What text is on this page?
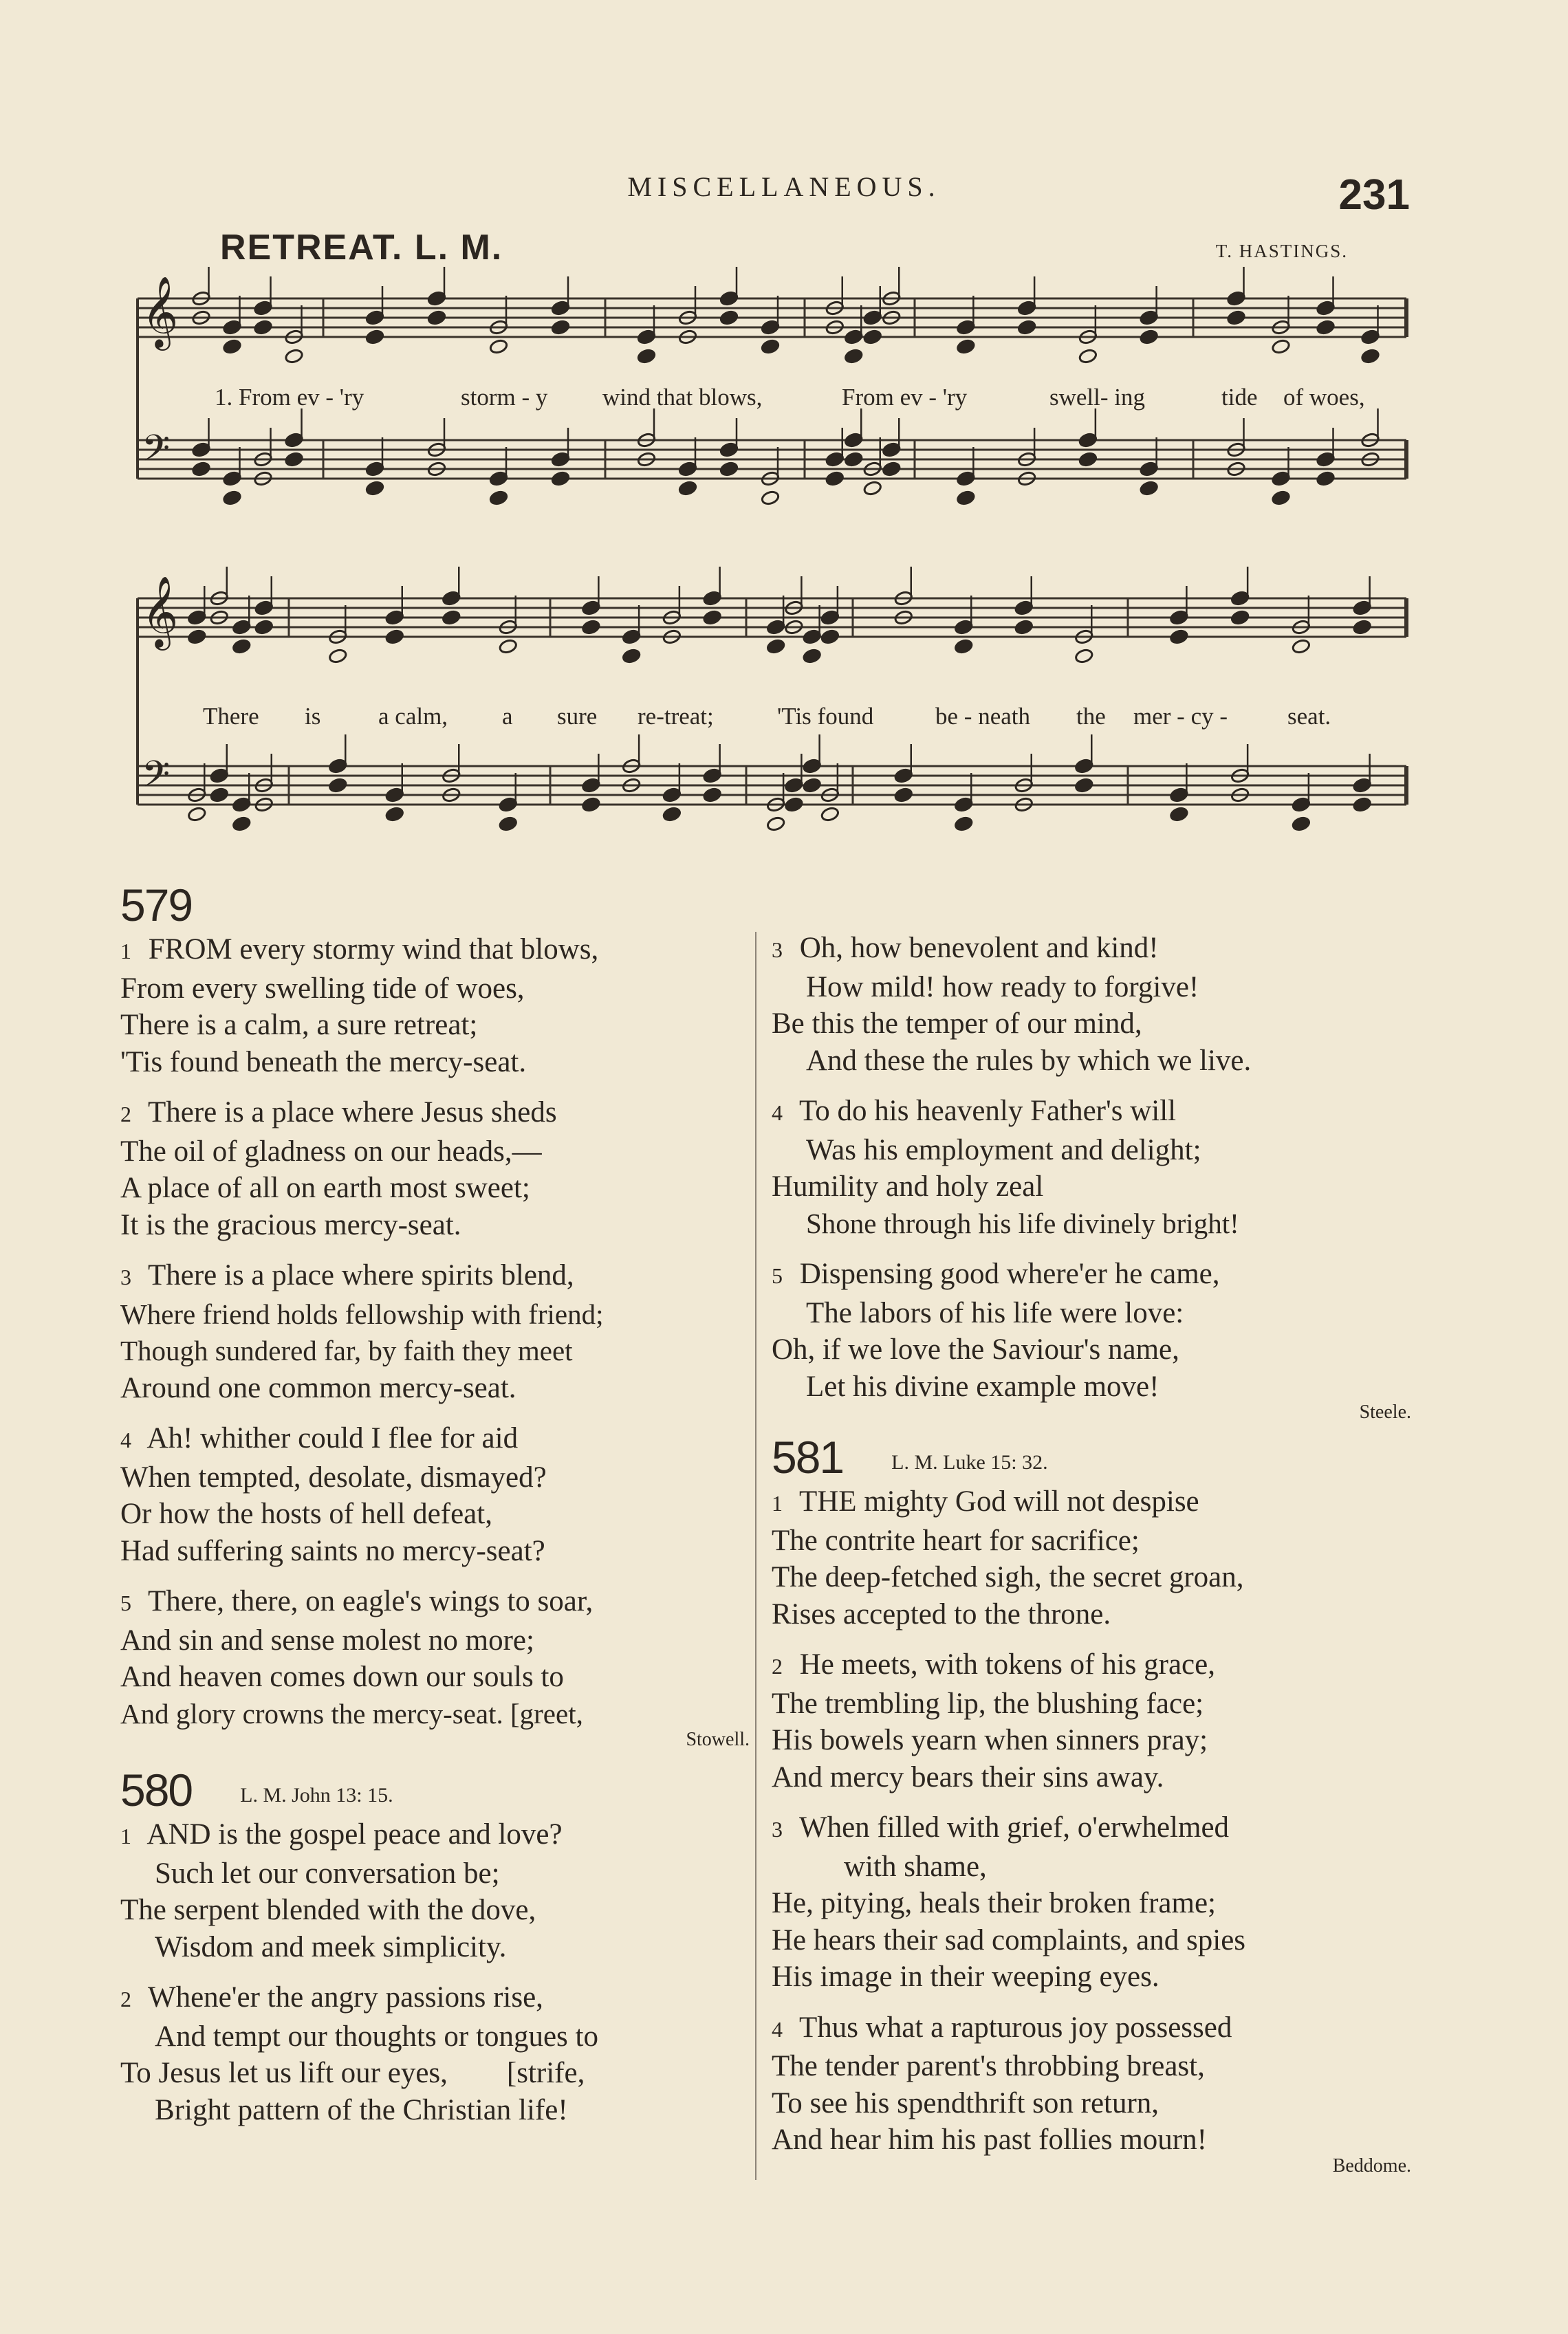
MISCELLANEOUS.	231
RETREAT. L. M.	T. HASTINGS.
𝄞
𝄢
𝄞
𝄢
1. From ev - 'ry	storm - y wind that blows,	From ev - 'ry	swell- ing	tide of woes,
There is a calm, a sure re-treat;	'Tis found	be - neath the mer - cy - seat.
579
1 FROM every stormy wind that blows,
From every swelling tide of woes,
There is a calm, a sure retreat;
'Tis found beneath the mercy-seat.
2 There is a place where Jesus sheds
The oil of gladness on our heads,—
A place of all on earth most sweet;
It is the gracious mercy-seat.
3 There is a place where spirits blend,
Where friend holds fellowship with friend;
Though sundered far, by faith they meet
Around one common mercy-seat.
4 Ah! whither could I flee for aid
When tempted, desolate, dismayed?
Or how the hosts of hell defeat,
Had suffering saints no mercy-seat?
5 There, there, on eagle's wings to soar,
And sin and sense molest no more;
And heaven comes down our souls to
And glory crowns the mercy-seat. [greet,
Stowell.
580 L. M. John 13: 15.
1 AND is the gospel peace and love?
Such let our conversation be;
The serpent blended with the dove,
Wisdom and meek simplicity.
2 Whene'er the angry passions rise,
And tempt our thoughts or tongues to
To Jesus let us lift our eyes,        [strife,
Bright pattern of the Christian life!
3 Oh, how benevolent and kind!
How mild! how ready to forgive!
Be this the temper of our mind,
And these the rules by which we live.
4 To do his heavenly Father's will
Was his employment and delight;
Humility and holy zeal
Shone through his life divinely bright!
5 Dispensing good where'er he came,
The labors of his life were love:
Oh, if we love the Saviour's name,
Let his divine example move!
Steele.
581 L. M. Luke 15: 32.
1 THE mighty God will not despise
The contrite heart for sacrifice;
The deep-fetched sigh, the secret groan,
Rises accepted to the throne.
2 He meets, with tokens of his grace,
The trembling lip, the blushing face;
His bowels yearn when sinners pray;
And mercy bears their sins away.
3 When filled with grief, o'erwhelmed
with shame,
He, pitying, heals their broken frame;
He hears their sad complaints, and spies
His image in their weeping eyes.
4 Thus what a rapturous joy possessed
The tender parent's throbbing breast,
To see his spendthrift son return,
And hear him his past follies mourn!
Beddome.
